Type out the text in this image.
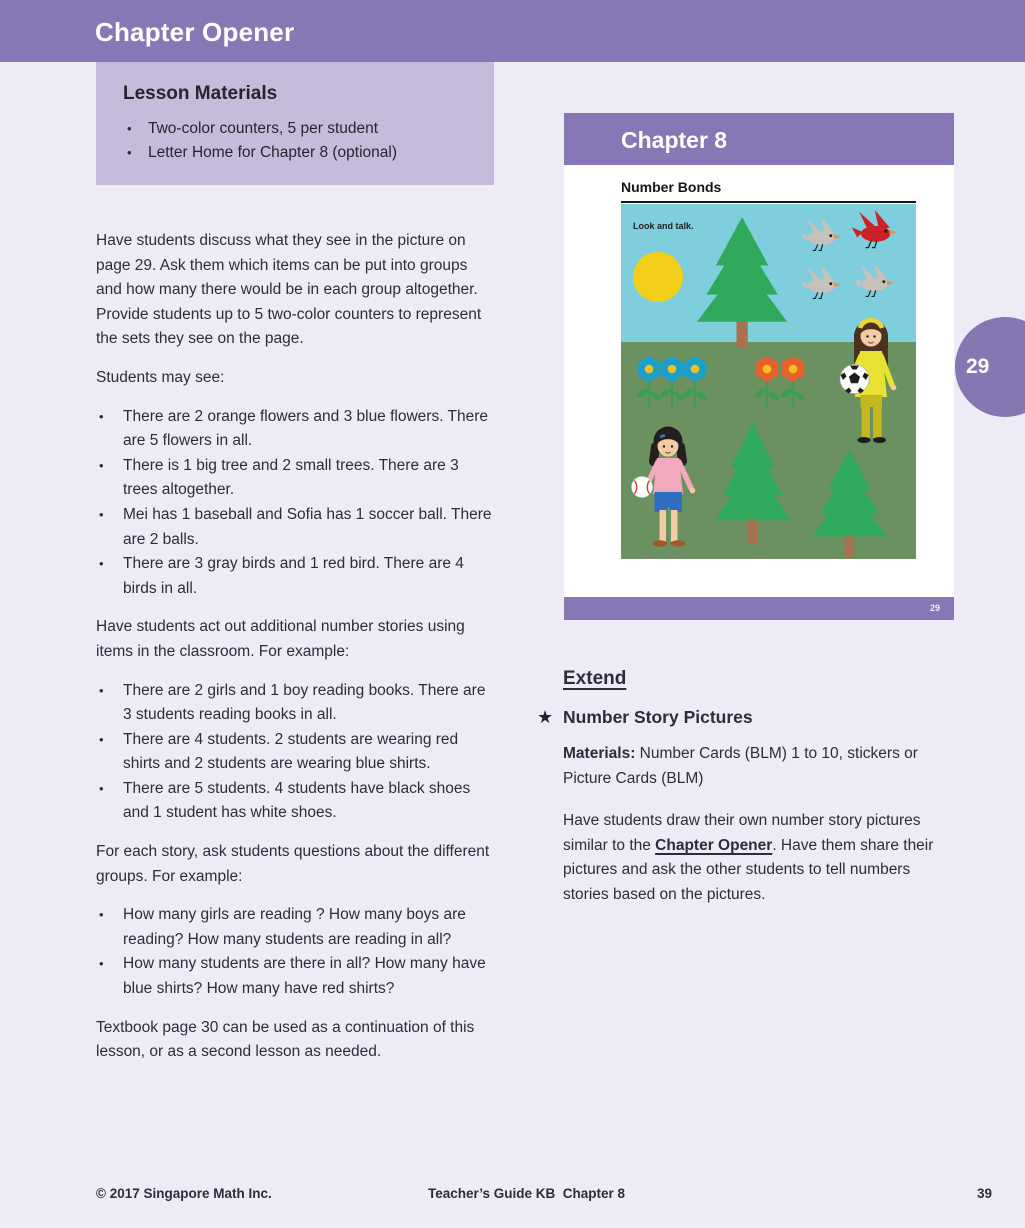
Chapter Opener
Lesson Materials
• Two-color counters, 5 per student
• Letter Home for Chapter 8 (optional)

Have students discuss what they see in the picture on page 29. Ask them which items can be put into groups and how many there would be in each group altogether. Provide students up to 5 two-color counters to represent the sets they see on the page.

Students may see:

• There are 2 orange flowers and 3 blue flowers. There are 5 flowers in all.
• There is 1 big tree and 2 small trees. There are 3 trees altogether.
• Mei has 1 baseball and Sofia has 1 soccer ball. There are 2 balls.
• There are 3 gray birds and 1 red bird. There are 4 birds in all.

Have students act out additional number stories using items in the classroom. For example:

• There are 2 girls and 1 boy reading books. There are 3 students reading books in all.
• There are 4 students. 2 students are wearing red shirts and 2 students are wearing blue shirts.
• There are 5 students. 4 students have black shoes and 1 student has white shoes.

For each story, ask students questions about the different groups. For example:

• How many girls are reading ? How many boys are reading? How many students are reading in all?
• How many students are there in all? How many have blue shirts? How many have red shirts?

Textbook page 30 can be used as a continuation of this lesson, or as a second lesson as needed.

Chapter 8
Number Bonds
Look and talk.
29
29
Extend
★ Number Story Pictures

Materials: Number Cards (BLM) 1 to 10, stickers or Picture Cards (BLM)

Have students draw their own number story pictures similar to the Chapter Opener. Have them share their pictures and ask the other students to tell numbers stories based on the pictures.

© 2017 Singapore Math Inc.	Teacher’s Guide KB  Chapter 8	39
